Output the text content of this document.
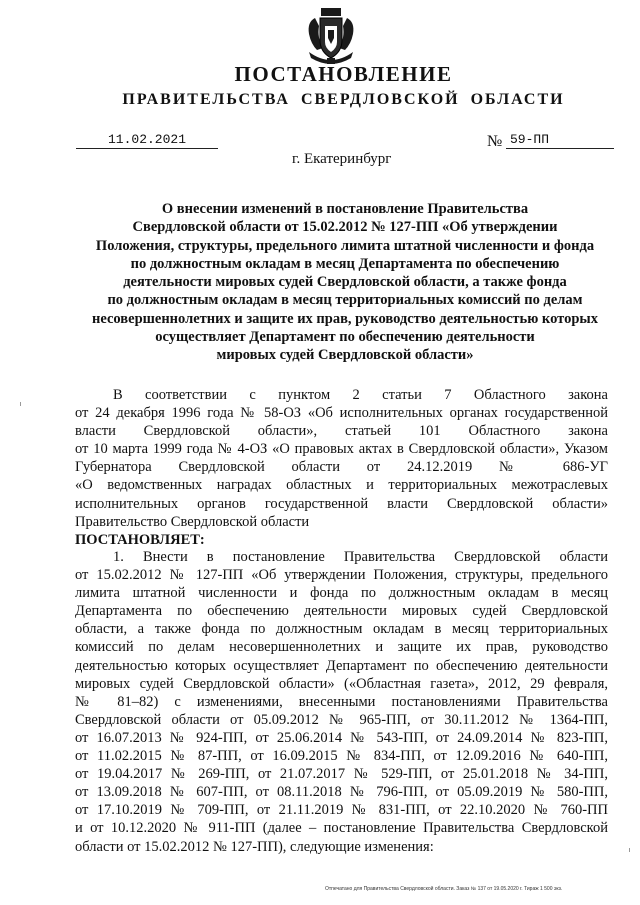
ПОСТАНОВЛЕНИЕ
ПРАВИТЕЛЬСТВА СВЕРДЛОВСКОЙ ОБЛАСТИ
11.02.2021	№ 59-ПП
г. Екатеринбург
О внесении изменений в постановление Правительства
Свердловской области от 15.02.2012 № 127-ПП «Об утверждении
Положения, структуры, предельного лимита штатной численности и фонда
по должностным окладам в месяц Департамента по обеспечению
деятельности мировых судей Свердловской области, а также фонда
по должностным окладам в месяц территориальных комиссий по делам
несовершеннолетних и защите их прав, руководство деятельностью которых
осуществляет Департамент по обеспечению деятельности
мировых судей Свердловской области»
В соответствии с пунктом 2 статьи 7 Областного закона
от 24 декабря 1996 года № 58-ОЗ «Об исполнительных органах государственной
власти Свердловской области», статьей 101 Областного закона
от 10 марта 1999 года № 4-ОЗ «О правовых актах в Свердловской области», Указом
Губернатора Свердловской области от 24.12.2019 № 686-УГ
«О ведомственных наградах областных и территориальных межотраслевых
исполнительных органов государственной власти Свердловской области»
Правительство Свердловской области
ПОСТАНОВЛЯЕТ:
1. Внести в постановление Правительства Свердловской области
от 15.02.2012 № 127-ПП «Об утверждении Положения, структуры, предельного
лимита штатной численности и фонда по должностным окладам в месяц
Департамента по обеспечению деятельности мировых судей Свердловской
области, а также фонда по должностным окладам в месяц территориальных
комиссий по делам несовершеннолетних и защите их прав, руководство
деятельностью которых осуществляет Департамент по обеспечению деятельности
мировых судей Свердловской области» («Областная газета», 2012, 29 февраля,
№ 81–82) с изменениями, внесенными постановлениями Правительства
Свердловской области от 05.09.2012 № 965-ПП, от 30.11.2012 № 1364-ПП,
от 16.07.2013 № 924-ПП, от 25.06.2014 № 543-ПП, от 24.09.2014 № 823-ПП,
от 11.02.2015 № 87-ПП, от 16.09.2015 № 834-ПП, от 12.09.2016 № 640-ПП,
от 19.04.2017 № 269-ПП, от 21.07.2017 № 529-ПП, от 25.01.2018 № 34-ПП,
от 13.09.2018 № 607-ПП, от 08.11.2018 № 796-ПП, от 05.09.2019 № 580-ПП,
от 17.10.2019 № 709-ПП, от 21.11.2019 № 831-ПП, от 22.10.2020 № 760-ПП
и от 10.12.2020 № 911-ПП (далее – постановление Правительства Свердловской
области от 15.02.2012 № 127-ПП), следующие изменения:
Отпечатано для Правительства Свердловской области. Заказ № 137 от 19.05.2020 г. Тираж 1 500 экз.
